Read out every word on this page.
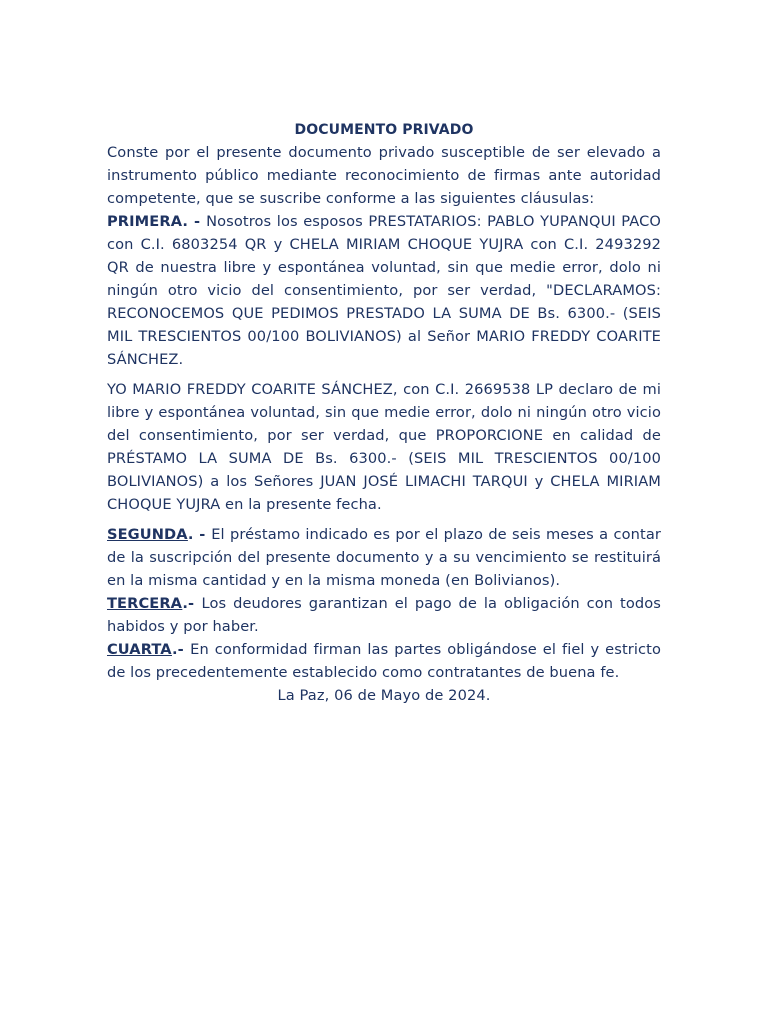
DOCUMENTO PRIVADO

Conste por el presente documento privado susceptible de ser elevado a instrumento público mediante reconocimiento de firmas ante autoridad competente, que se suscribe conforme a las siguientes cláusulas:

PRIMERA. - Nosotros los esposos PRESTATARIOS: PABLO YUPANQUI PACO con C.I. 6803254 QR y CHELA MIRIAM CHOQUE YUJRA con C.I. 2493292 QR de nuestra libre y espontánea voluntad, sin que medie error, dolo ni ningún otro vicio del consentimiento, por ser verdad, "DECLARAMOS: RECONOCEMOS QUE PEDIMOS PRESTADO LA SUMA DE Bs. 6300.- (SEIS MIL TRESCIENTOS 00/100 BOLIVIANOS) al Señor MARIO FREDDY COARITE SÁNCHEZ.

YO MARIO FREDDY COARITE SÁNCHEZ, con C.I. 2669538 LP declaro de mi libre y espontánea voluntad, sin que medie error, dolo ni ningún otro vicio del consentimiento, por ser verdad, que PROPORCIONE en calidad de PRÉSTAMO LA SUMA DE Bs. 6300.- (SEIS MIL TRESCIENTOS 00/100 BOLIVIANOS) a los Señores JUAN JOSÉ LIMACHI TARQUI y CHELA MIRIAM CHOQUE YUJRA en la presente fecha.

SEGUNDA. - El préstamo indicado es por el plazo de seis meses a contar de la suscripción del presente documento y a su vencimiento se restituirá en la misma cantidad y en la misma moneda (en Bolivianos).

TERCERA.- Los deudores garantizan el pago de la obligación con todos habidos y por haber.

CUARTA.- En conformidad firman las partes obligándose el fiel y estricto de los precedentemente establecido como contratantes de buena fe.

La Paz, 06 de Mayo de 2024.
